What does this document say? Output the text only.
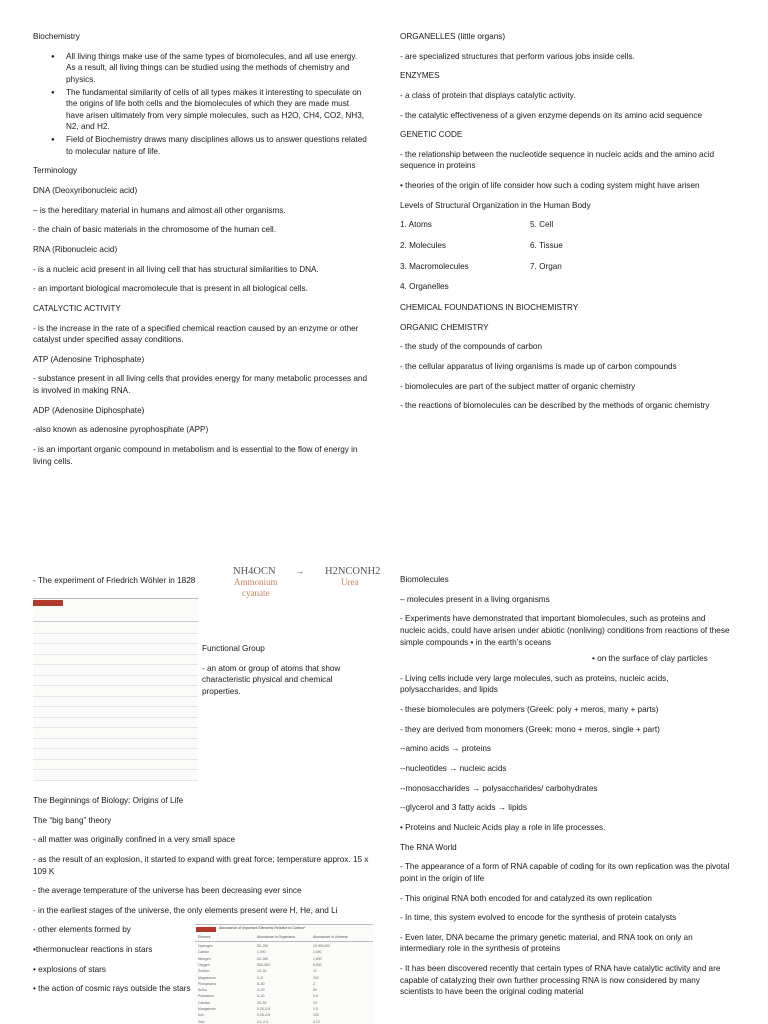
Biochemistry
● All living things make use of the same types of biomolecules, and all use energy. As a result, all living things can be studied using the methods of chemistry and physics.
● The fundamental similarity of cells of all types makes it interesting to speculate on the origins of life both cells and the biomolecules of which they are made must have arisen ultimately from very simple molecules, such as H2O, CH4, CO2, NH3, N2, and H2.
● Field of Biochemistry draws many disciplines allows us to answer questions related to molecular nature of life.
Terminology
DNA (Deoxyribonucleic acid)
– is the hereditary material in humans and almost all other organisms.
- the chain of basic materials in the chromosome of the human cell.
RNA (Ribonucleic acid)
- is a nucleic acid present in all living cell that has structural similarities to DNA.
- an important biological macromolecule that is present in all biological cells.
CATALYCTIC ACTIVITY
- is the increase in the rate of a specified chemical reaction caused by an enzyme or other catalyst under specified assay conditions.
ATP (Adenosine Triphosphate)
- substance present in all living cells that provides energy for many metabolic processes and is involved in making RNA.
ADP (Adenosine Diphosphate)
-also known as adenosine pyrophosphate (APP)
- is an important organic compound in metabolism and is essential to the flow of energy in living cells.
ORGANELLES (little organs)
- are specialized structures that perform various jobs inside cells.
ENZYMES
- a class of protein that displays catalytic activity.
- the catalytic effectiveness of a given enzyme depends on its amino acid sequence
GENETIC CODE
- the relationship between the nucleotide sequence in nucleic acids and the amino acid sequence in proteins
• theories of the origin of life consider how such a coding system might have arisen
Levels of Structural Organization in the Human Body
1. Atoms	5. Cell
2. Molecules	6. Tissue
3. Macromolecules	7. Organ
4. Organelles
CHEMICAL FOUNDATIONS IN BIOCHEMISTRY
ORGANIC CHEMISTRY
- the study of the compounds of carbon
- the cellular apparatus of living organisms is made up of carbon compounds
- biomolecules are part of the subject matter of organic chemistry
- the reactions of biomolecules can be described by the methods of organic chemistry
- The experiment of Friedrich Wöhler in 1828
NH4OCN
Ammonium
cyanate
→ H2NCONH2
Urea
Functional Group
- an atom or group of atoms that show characteristic physical and chemical properties.
The Beginnings of Biology: Origins of Life
The “big bang” theory
- all matter was originally confined in a very small space
- as the result of an explosion, it started to expand with great force; temperature approx. 15 x 109 K
- the average temperature of the universe has been decreasing ever since
- in the earliest stages of the universe, the only elements present were H, He, and Li
- other elements formed by
•thermonuclear reactions in stars
• explosions of stars
• the action of cosmic rays outside the stars
Abundance of Important Elements Relative to Carbon*
Element	Abundance in Organisms	Abundance in Universe
Hydrogen	80–250	10,000,000
Carbon	1,000	1,000
Nitrogen	60–300	1,600
Oxygen	500–800	5,000
Sodium	10–30	12
Magnesium	2–8	200
Phosphorus	8–50	3
Sulfur	4–20	80
Potassium	6–40	0.6
Calcium	25–50	10
Manganese	0.25–0.8	1.0
Iron	0.25–0.8	100
Zinc	0.1–0.4	0.13
Biomolecules
– molecules present in a living organisms
- Experiments have demonstrated that important biomolecules, such as proteins and nucleic acids, could have arisen under abiotic (nonliving) conditions from reactions of these simple compounds • in the earth’s oceans
• on the surface of clay particles
- Living cells include very large molecules, such as proteins, nucleic acids, polysaccharides, and lipids
- these biomolecules are polymers (Greek: poly + meros, many + parts)
- they are derived from monomers (Greek: mono + meros, single + part)
--amino acids → proteins
--nucleotides → nucleic acids
--monosaccharides → polysaccharides/ carbohydrates
--glycerol and 3 fatty acids → lipids
• Proteins and Nucleic Acids play a role in life processes.
The RNA World
- The appearance of a form of RNA capable of coding for its own replication was the pivotal point in the origin of life
- This original RNA both encoded for and catalyzed its own replication
- In time, this system evolved to encode for the synthesis of protein catalysts
- Even later, DNA became the primary genetic material, and RNA took on only an intermediary role in the synthesis of proteins
- It has been discovered recently that certain types of RNA have catalytic activity and are capable of catalyzing their own further processing RNA is now considered by many scientists to have been the original coding material
